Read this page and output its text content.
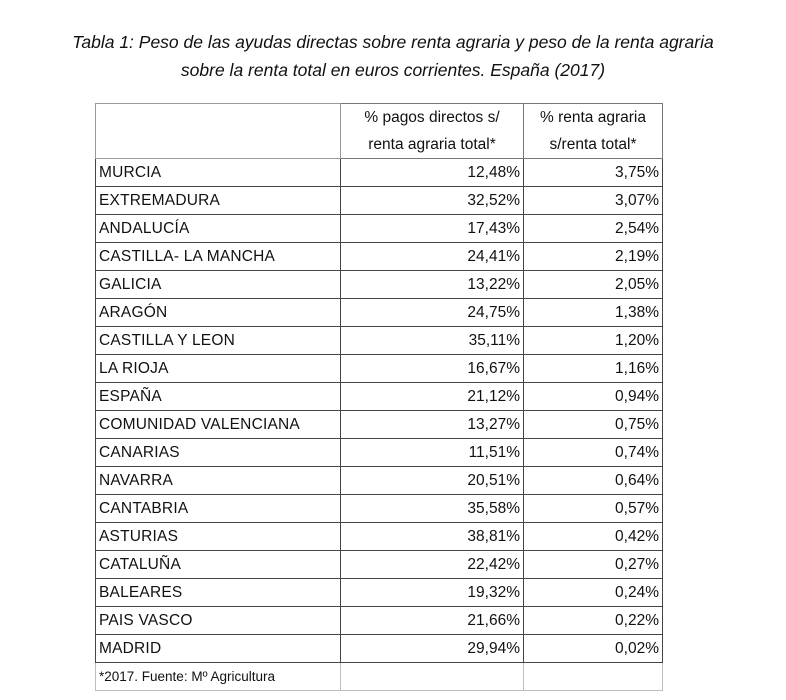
Tabla 1: Peso de las ayudas directas sobre renta agraria y peso de la renta agraria
sobre la renta total en euros corrientes. España (2017)
	% pagos directos s/	% renta agraria
	renta agraria total*	s/renta total*
MURCIA	12,48%	3,75%
EXTREMADURA	32,52%	3,07%
ANDALUCÍA	17,43%	2,54%
CASTILLA- LA MANCHA	24,41%	2,19%
GALICIA	13,22%	2,05%
ARAGÓN	24,75%	1,38%
CASTILLA Y LEON	35,11%	1,20%
LA RIOJA	16,67%	1,16%
ESPAÑA	21,12%	0,94%
COMUNIDAD VALENCIANA	13,27%	0,75%
CANARIAS	11,51%	0,74%
NAVARRA	20,51%	0,64%
CANTABRIA	35,58%	0,57%
ASTURIAS	38,81%	0,42%
CATALUÑA	22,42%	0,27%
BALEARES	19,32%	0,24%
PAIS VASCO	21,66%	0,22%
MADRID	29,94%	0,02%
*2017. Fuente: Mº Agricultura		
